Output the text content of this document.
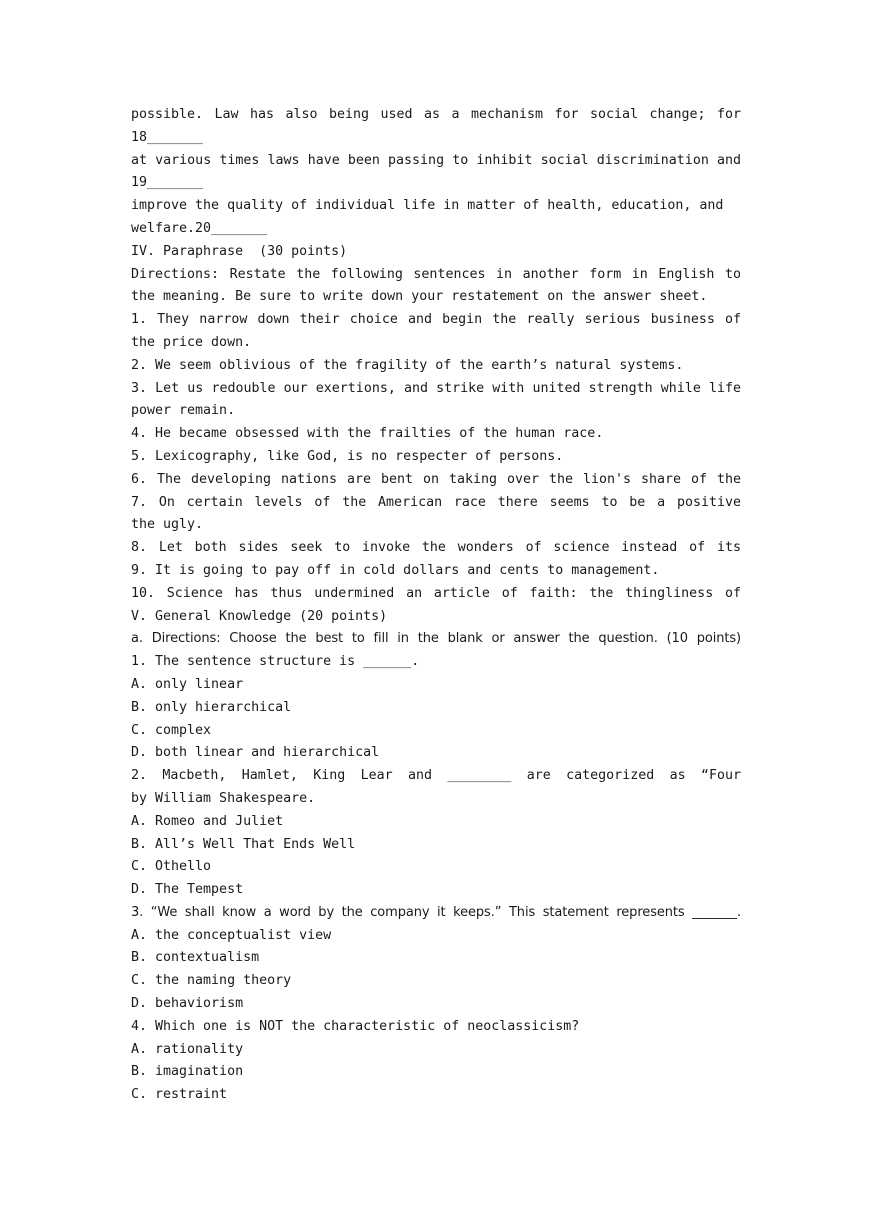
possible. Law has also being used as a mechanism for social change; for
18_______
at various times laws have been passing to inhibit social discrimination and
19_______
improve the quality of individual life in matter of health, education, and
welfare.20_______
IV. Paraphrase  (30 points)
Directions: Restate the following sentences in another form in English to
the meaning. Be sure to write down your restatement on the answer sheet.
1. They narrow down their choice and begin the really serious business of
the price down.
2. We seem oblivious of the fragility of the earth’s natural systems.
3. Let us redouble our exertions, and strike with united strength while life
power remain.
4. He became obsessed with the frailties of the human race.
5. Lexicography, like God, is no respecter of persons.
6. The developing nations are bent on taking over the lion's share of the
7. On certain levels of the American race there seems to be a positive
the ugly.
8. Let both sides seek to invoke the wonders of science instead of its
9. It is going to pay off in cold dollars and cents to management.
10. Science has thus undermined an article of faith: the thingliness of
V. General Knowledge (20 points)
a. Directions: Choose the best to fill in the blank or answer the question. (10 points)
1. The sentence structure is ______.
A. only linear
B. only hierarchical
C. complex
D. both linear and hierarchical
2. Macbeth, Hamlet, King Lear and ________ are categorized as “Four
by William Shakespeare.
A. Romeo and Juliet
B. All’s Well That Ends Well
C. Othello
D. The Tempest
3. “We shall know a word by the company it keeps.” This statement represents _______.
A. the conceptualist view
B. contextualism
C. the naming theory
D. behaviorism
4. Which one is NOT the characteristic of neoclassicism?
A. rationality
B. imagination
C. restraint
